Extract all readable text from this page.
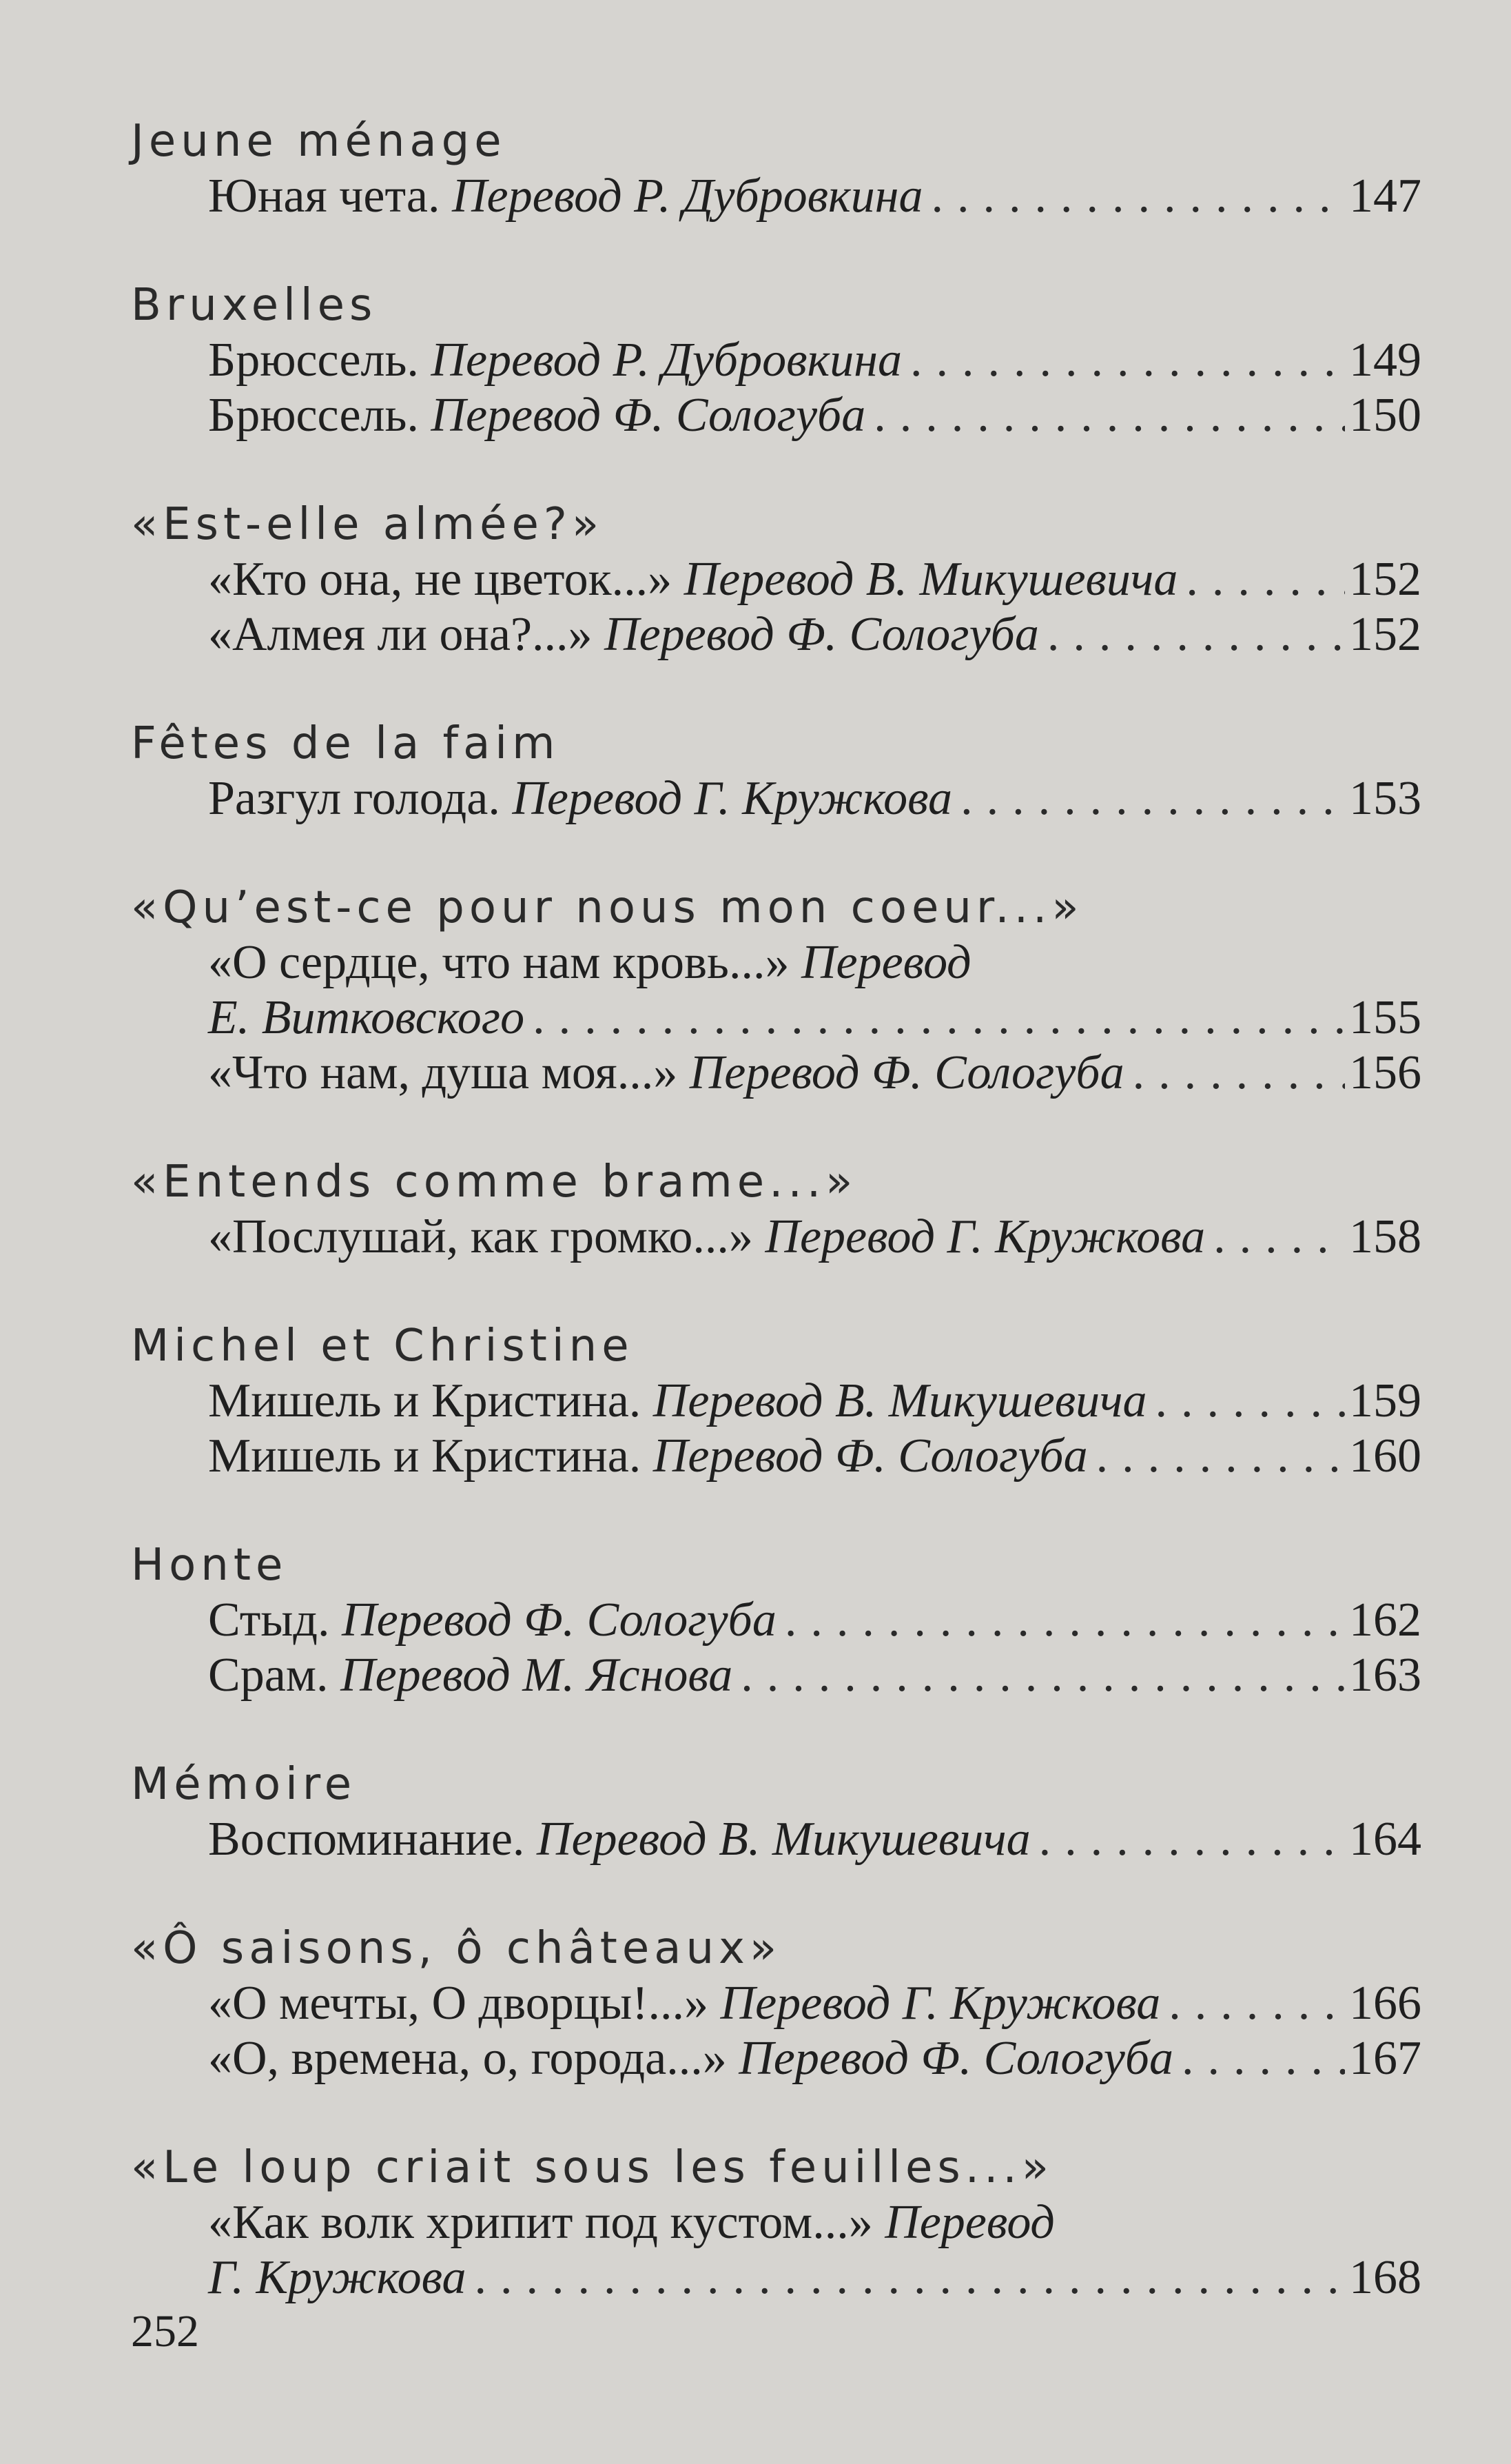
Jeune ménage
Юная чета.
Перевод Р. Дубровкина .....	147
Bruxelles
Брюссель.
Перевод Р. Дубровкина .....	149
Брюссель.
Перевод Ф. Сологуба .....	150
«Est-elle almée?»
«Кто она, не цветок...»
Перевод В. Микушевича .....	152
«Алмея ли она?...»
Перевод Ф. Сологуба .....	152
Fêtes de la faim
Разгул голода.
Перевод Г. Кружкова .....	153
«Qu’est-ce pour nous mon coeur...»
«О сердце, что нам кровь...» Перевод
Е. Витковского .....	155
«Что нам, душа моя...»
Перевод Ф. Сологуба .....	156
«Entends comme brame...»
«Послушай, как громко...»
Перевод Г. Кружкова .....	158
Michel et Christine
Мишель и Кристина.
Перевод В. Микушевича .....	159
Мишель и Кристина.
Перевод Ф. Сологуба .....	160
Honte
Стыд.
Перевод Ф. Сологуба .....	162
Срам.
Перевод М. Яснова .....	163
Mémoire
Воспоминание.
Перевод В. Микушевича .....	164
«Ô saisons, ô châteaux»
«О мечты, О дворцы!...»
Перевод Г. Кружкова .....	166
«О, времена, о, города...»
Перевод Ф. Сологуба .....	167
«Le loup criait sous les feuilles...»
«Как волк хрипит под кустом...» Перевод
Г. Кружкова .....	168
252
